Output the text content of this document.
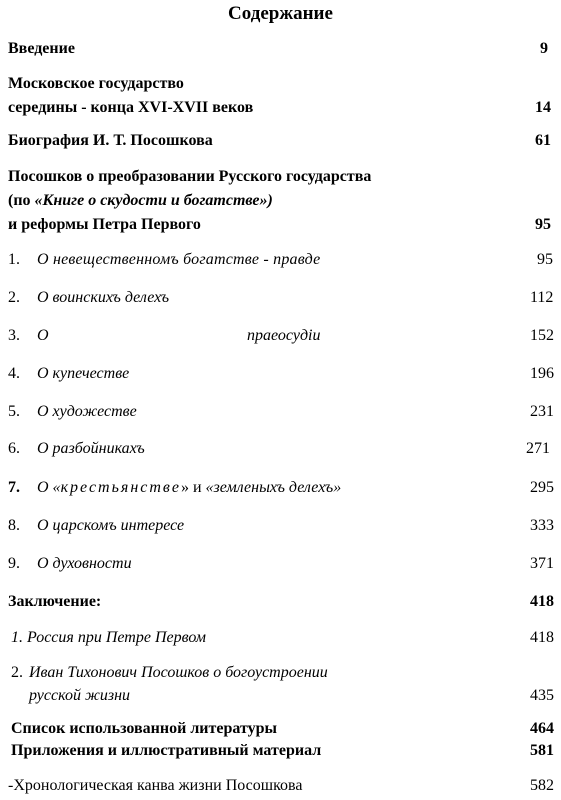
Содержание
Введение	9
Московское государство
середины - конца XVI-XVII веков	14
Биография И. Т. Посошкова	61
Посошков о преобразовании Русского государства
(по «Книге о скудости и богатстве»)
и реформы Петра Первого	95
1. О невещественномъ богатстве - правде	95
2. О воинскихъ делехъ	112
3. О	праеосудіи	152
4. О купечестве	196
5. О художестве	231
6. О разбойникахъ	271
7. О «крестьянстве» и «земленыхъ делехъ»	295
8. О царскомъ интересе	333
9. О духовности	371
Заключение:	418
1. Россия при Петре Первом	418
2. Иван Тихонович Посошков о богоустроении
русской жизни	435
Список использованной литературы	464
Приложения и иллюстративный материал	581
-Хронологическая канва жизни Посошкова	582
